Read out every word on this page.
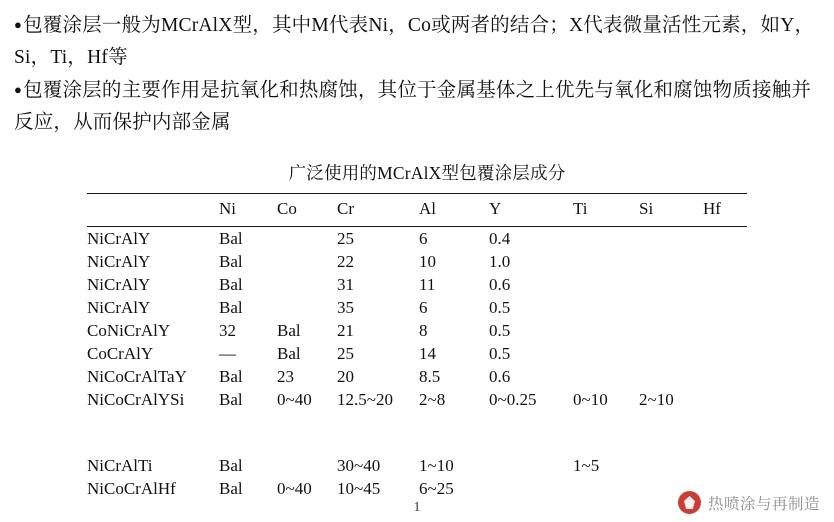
●包覆涂层一般为MCrAlX型，其中M代表Ni，Co或两者的结合；X代表微量活性元素，如Y，Si，Ti，Hf等
●包覆涂层的主要作用是抗氧化和热腐蚀，其位于金属基体之上优先与氧化和腐蚀物质接触并反应，从而保护内部金属
广泛使用的MCrAlX型包覆涂层成分
	Ni	Co	Cr	Al	Y	Ti	Si	Hf
NiCrAlY	Bal		25	6	0.4			
NiCrAlY	Bal		22	10	1.0			
NiCrAlY	Bal		31	11	0.6			
NiCrAlY	Bal		35	6	0.5			
CoNiCrAlY	32	Bal	21	8	0.5			
CoCrAlY	—	Bal	25	14	0.5			
NiCoCrAlTaY	Bal	23	20	8.5	0.6			
NiCoCrAlYSi	Bal	0~40	12.5~20	2~8	0~0.25	0~10	2~10	

NiCrAlTi	Bal		30~40	1~10		1~5		
NiCoCrAlHf	Bal	0~40	10~45	6~25				
1	热喷涂与再制造
